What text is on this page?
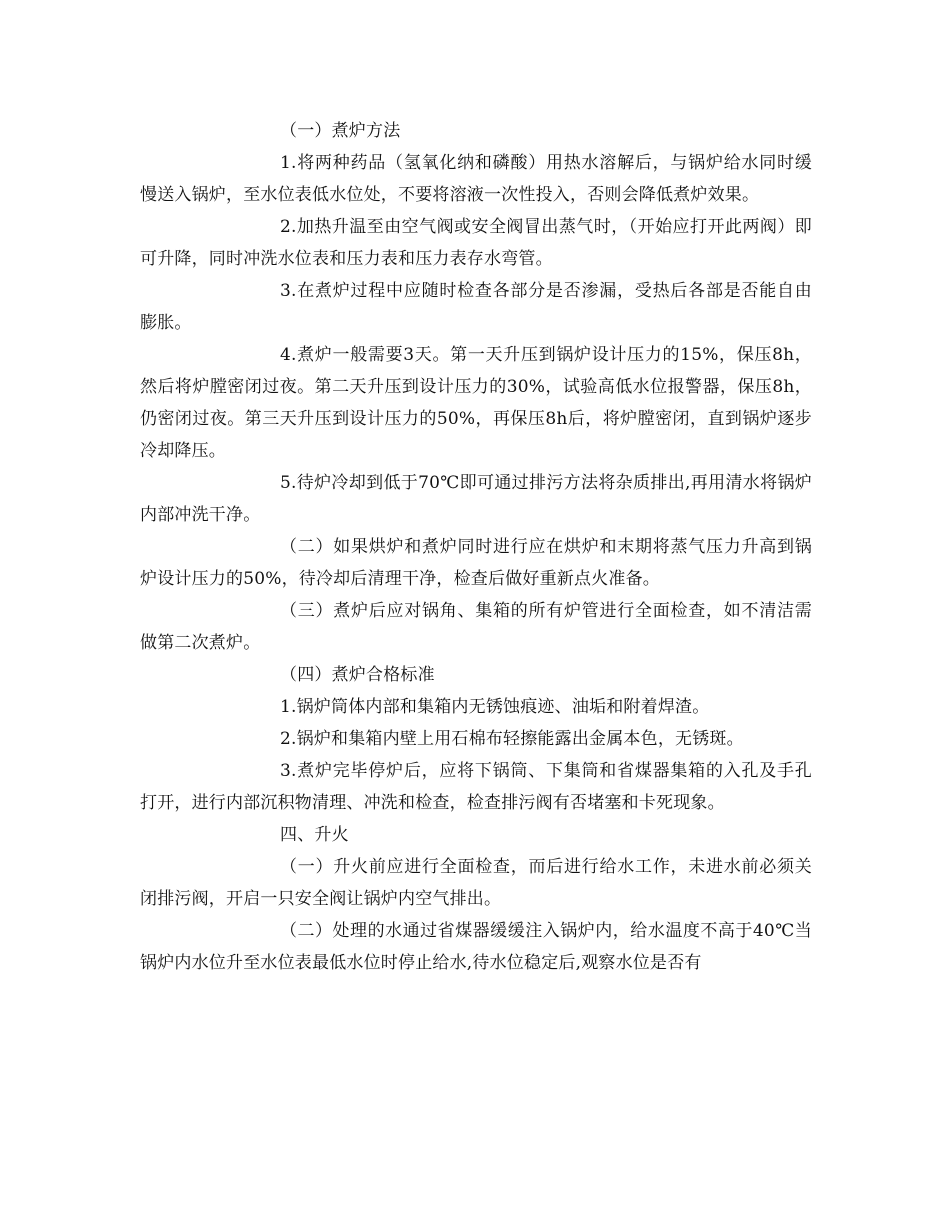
（一）煮炉方法

1.将两种药品（氢氧化纳和磷酸）用热水溶解后，与锅炉给水同时缓慢送入锅炉，至水位表低水位处，不要将溶液一次性投入，否则会降低煮炉效果。

2.加热升温至由空气阀或安全阀冒出蒸气时，（开始应打开此两阀）即可升降，同时冲洗水位表和压力表和压力表存水弯管。

3.在煮炉过程中应随时检查各部分是否渗漏，受热后各部是否能自由膨胀。

4.煮炉一般需要3天。第一天升压到锅炉设计压力的15%，保压8h，然后将炉膛密闭过夜。第二天升压到设计压力的30%，试验高低水位报警器，保压8h，仍密闭过夜。第三天升压到设计压力的50%，再保压8h后，将炉膛密闭，直到锅炉逐步冷却降压。

5.待炉冷却到低于70℃即可通过排污方法将杂质排出,再用清水将锅炉内部冲洗干净。

（二）如果烘炉和煮炉同时进行应在烘炉和末期将蒸气压力升高到锅炉设计压力的50%，待冷却后清理干净，检查后做好重新点火准备。

（三）煮炉后应对锅角、集箱的所有炉管进行全面检查，如不清洁需做第二次煮炉。

（四）煮炉合格标准

1.锅炉筒体内部和集箱内无锈蚀痕迹、油垢和附着焊渣。

2.锅炉和集箱内壁上用石棉布轻擦能露出金属本色，无锈斑。

3.煮炉完毕停炉后，应将下锅筒、下集筒和省煤器集箱的入孔及手孔打开，进行内部沉积物清理、冲洗和检查，检查排污阀有否堵塞和卡死现象。

四、升火

（一）升火前应进行全面检查，而后进行给水工作，未进水前必须关闭排污阀，开启一只安全阀让锅炉内空气排出。

（二）处理的水通过省煤器缓缓注入锅炉内，给水温度不高于40℃当锅炉内水位升至水位表最低水位时停止给水,待水位稳定后,观察水位是否有
